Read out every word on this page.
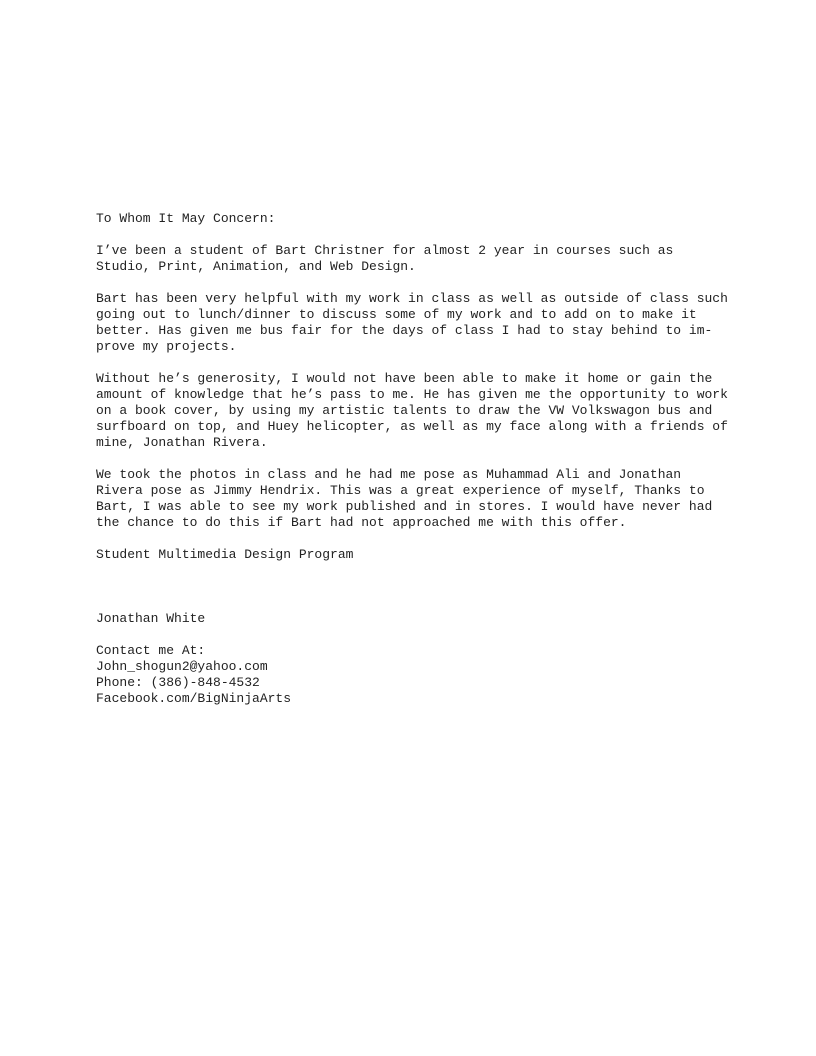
To Whom It May Concern:
I’ve been a student of Bart Christner for almost 2 year in courses such as
Studio, Print, Animation, and Web Design.
Bart has been very helpful with my work in class as well as outside of class such
going out to lunch/dinner to discuss some of my work and to add on to make it
better. Has given me bus fair for the days of class I had to stay behind to im-
prove my projects.
Without he’s generosity, I would not have been able to make it home or gain the
amount of knowledge that he’s pass to me. He has given me the opportunity to work
on a book cover, by using my artistic talents to draw the VW Volkswagon bus and
surfboard on top, and Huey helicopter, as well as my face along with a friends of
mine, Jonathan Rivera.
We took the photos in class and he had me pose as Muhammad Ali and Jonathan
Rivera pose as Jimmy Hendrix. This was a great experience of myself, Thanks to
Bart, I was able to see my work published and in stores. I would have never had
the chance to do this if Bart had not approached me with this offer.
Student Multimedia Design Program
Jonathan White
Contact me At:
John_shogun2@yahoo.com
Phone: (386)-848-4532
Facebook.com/BigNinjaArts
